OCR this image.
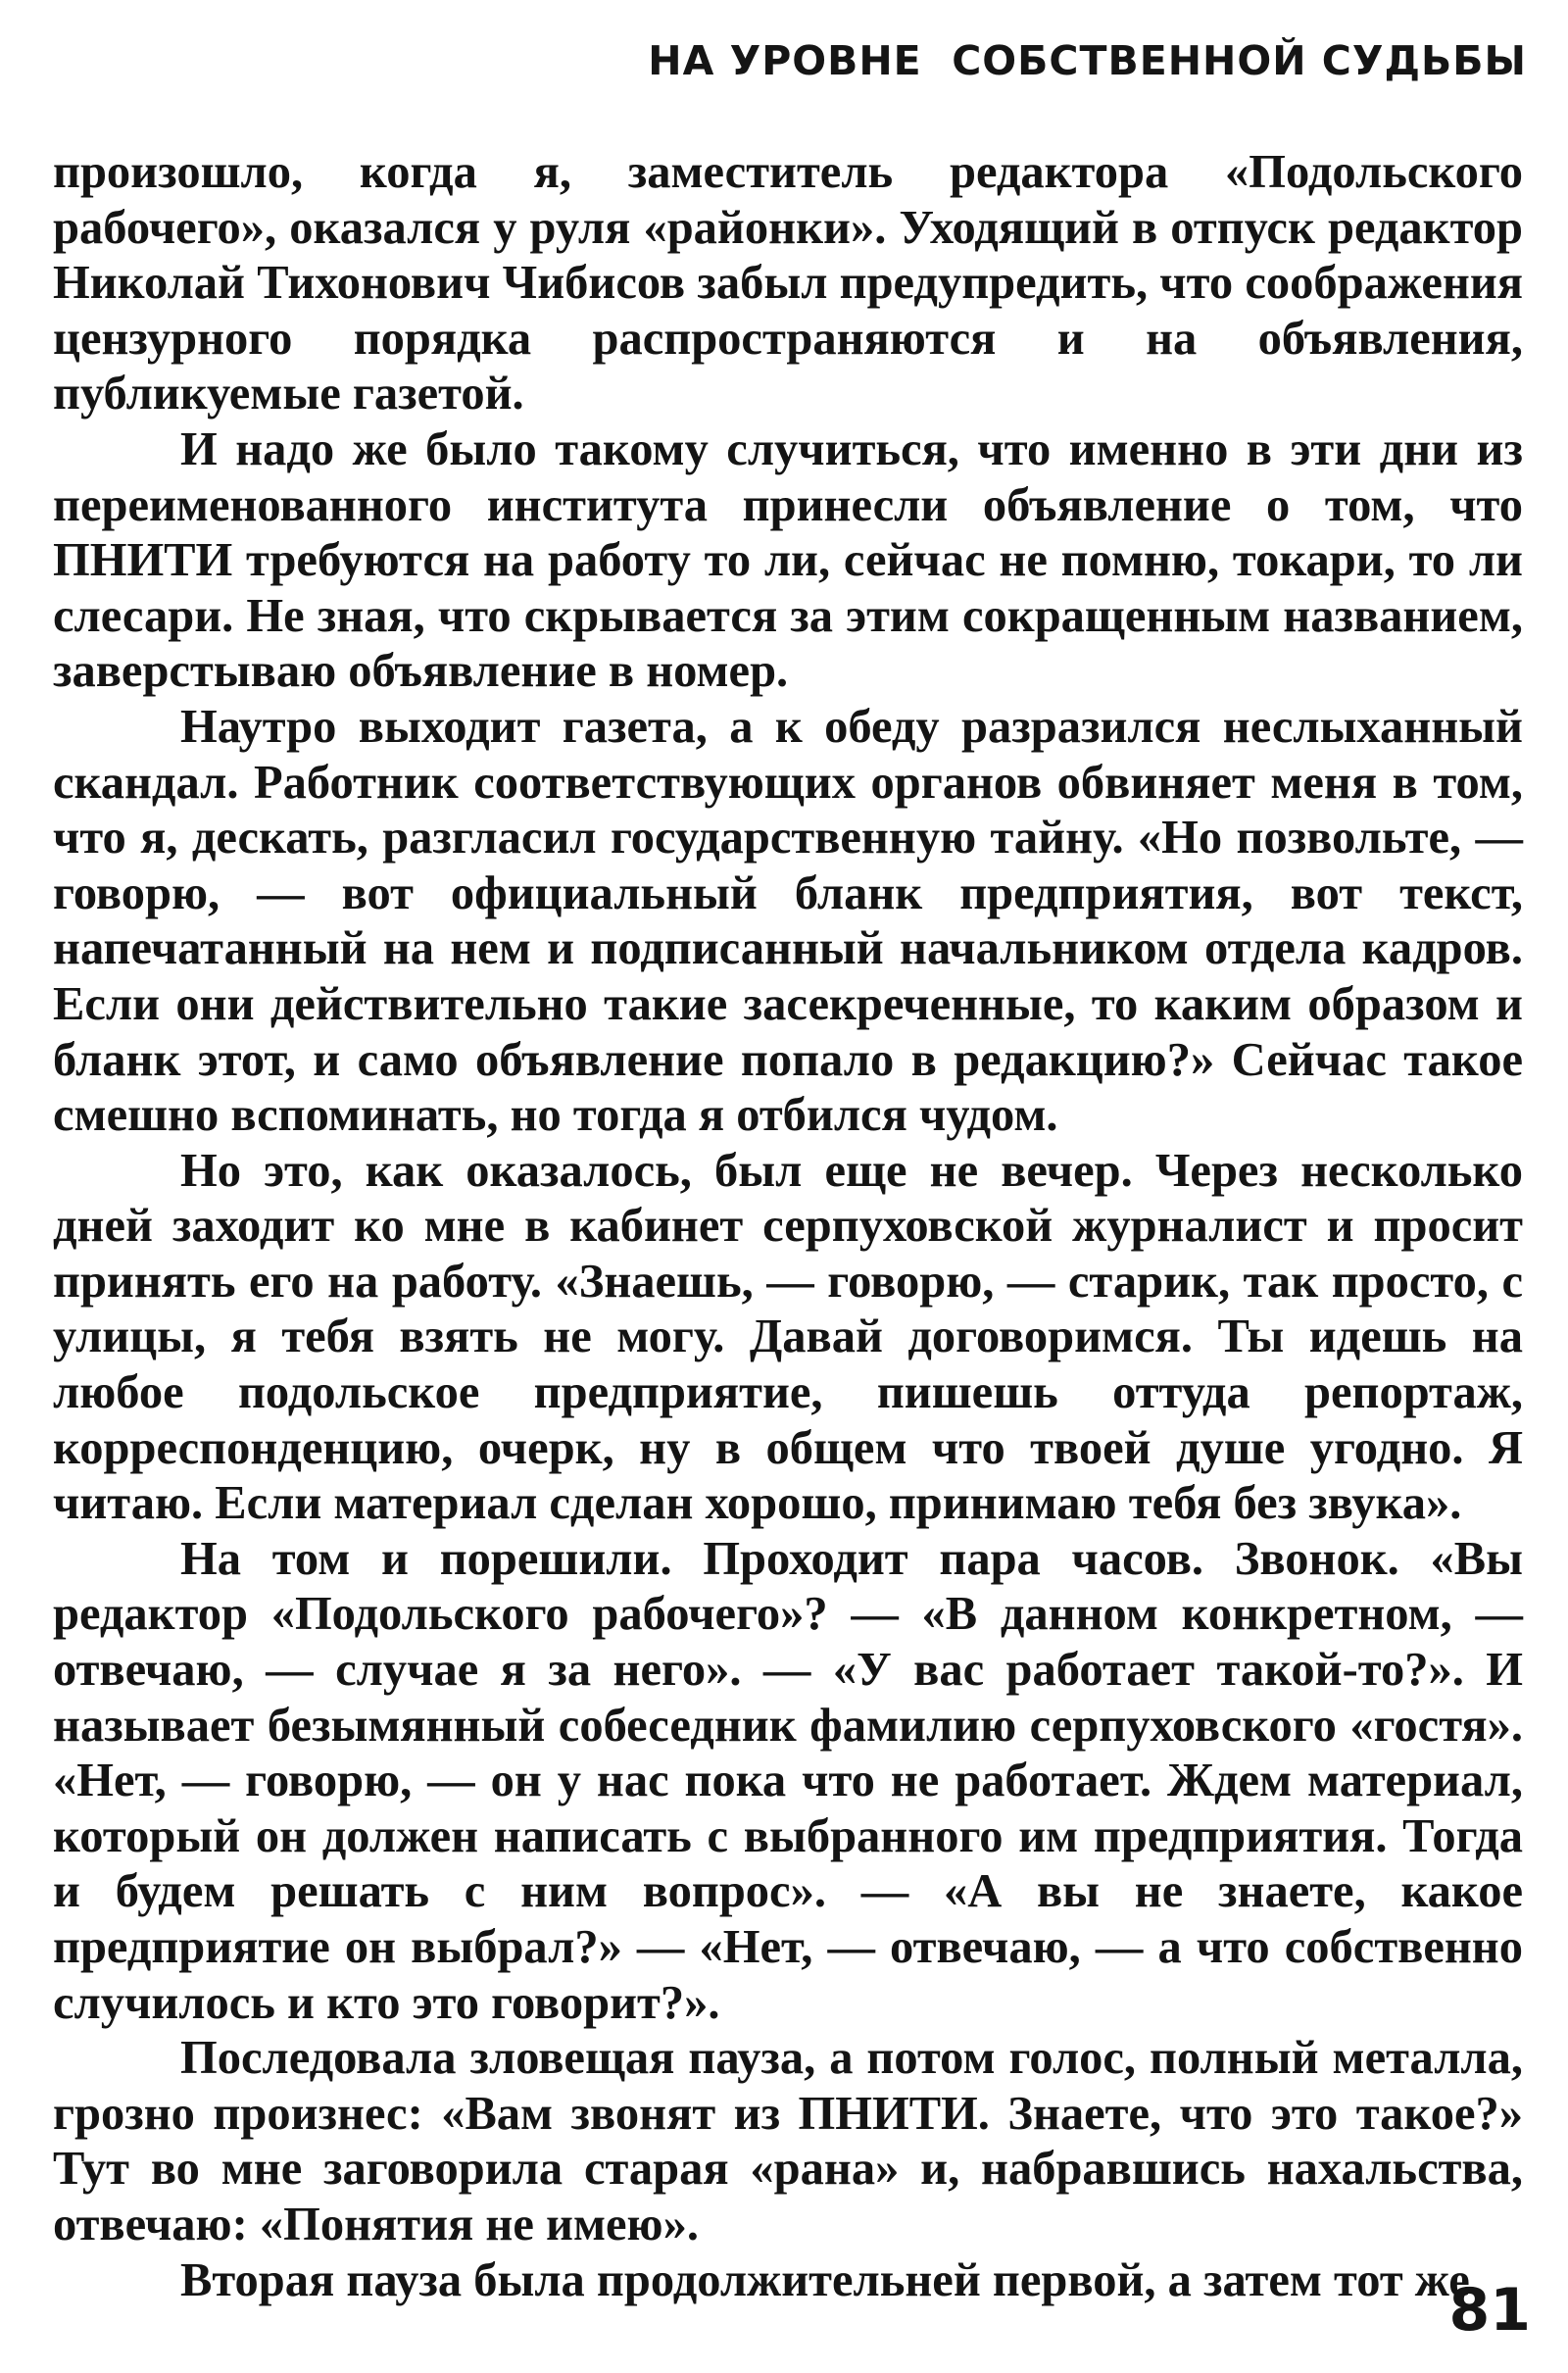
НА УРОВНЕ  СОБСТВЕННОЙ СУДЬБЫ

произошло, когда я, заместитель редактора «Подольского рабочего», оказался у руля «районки». Уходящий в отпуск редактор Николай Тихонович Чибисов забыл предупредить, что соображения цензурного порядка распространяются и на объявления, публикуемые газетой.

И надо же было такому случиться, что именно в эти дни из переименованного института принесли объявление о том, что ПНИТИ требуются на работу то ли, сейчас не помню, токари, то ли слесари. Не зная, что скрывается за этим сокращенным названием, заверстываю объявление в номер.

Наутро выходит газета, а к обеду разразился неслыханный скандал. Работник соответствующих органов обвиняет меня в том, что я, дескать, разгласил государственную тайну. «Но позвольте, — говорю, — вот официальный бланк предприятия, вот текст, напечатанный на нем и подписанный начальником отдела кадров. Если они действительно такие засекреченные, то каким образом и бланк этот, и само объявление попало в редакцию?» Сейчас такое смешно вспоминать, но тогда я отбился чудом.

Но это, как оказалось, был еще не вечер. Через несколько дней заходит ко мне в кабинет серпуховской журналист и просит принять его на работу. «Знаешь, — говорю, — старик, так просто, с улицы, я тебя взять не могу. Давай договоримся. Ты идешь на любое подольское предприятие, пишешь оттуда репортаж, корреспонденцию, очерк, ну в общем что твоей душе угодно. Я читаю. Если материал сделан хорошо, принимаю тебя без звука».

На том и порешили. Проходит пара часов. Звонок. «Вы редактор «Подольского рабочего»? — «В данном конкретном, — отвечаю, — случае я за него». — «У вас работает такой-то?». И называет безымянный собеседник фамилию серпуховского «гостя». «Нет, — говорю, — он у нас пока что не работает. Ждем материал, который он должен написать с выбранного им предприятия. Тогда и будем решать с ним вопрос». — «А вы не знаете, какое предприятие он выбрал?» — «Нет, — отвечаю, — а что собственно случилось и кто это говорит?».

Последовала зловещая пауза, а потом голос, полный металла, грозно произнес: «Вам звонят из ПНИТИ. Знаете, что это такое?» Тут во мне заговорила старая «рана» и, набравшись нахальства, отвечаю: «Понятия не имею».

Вторая пауза была продолжительней первой, а затем тот же

81
